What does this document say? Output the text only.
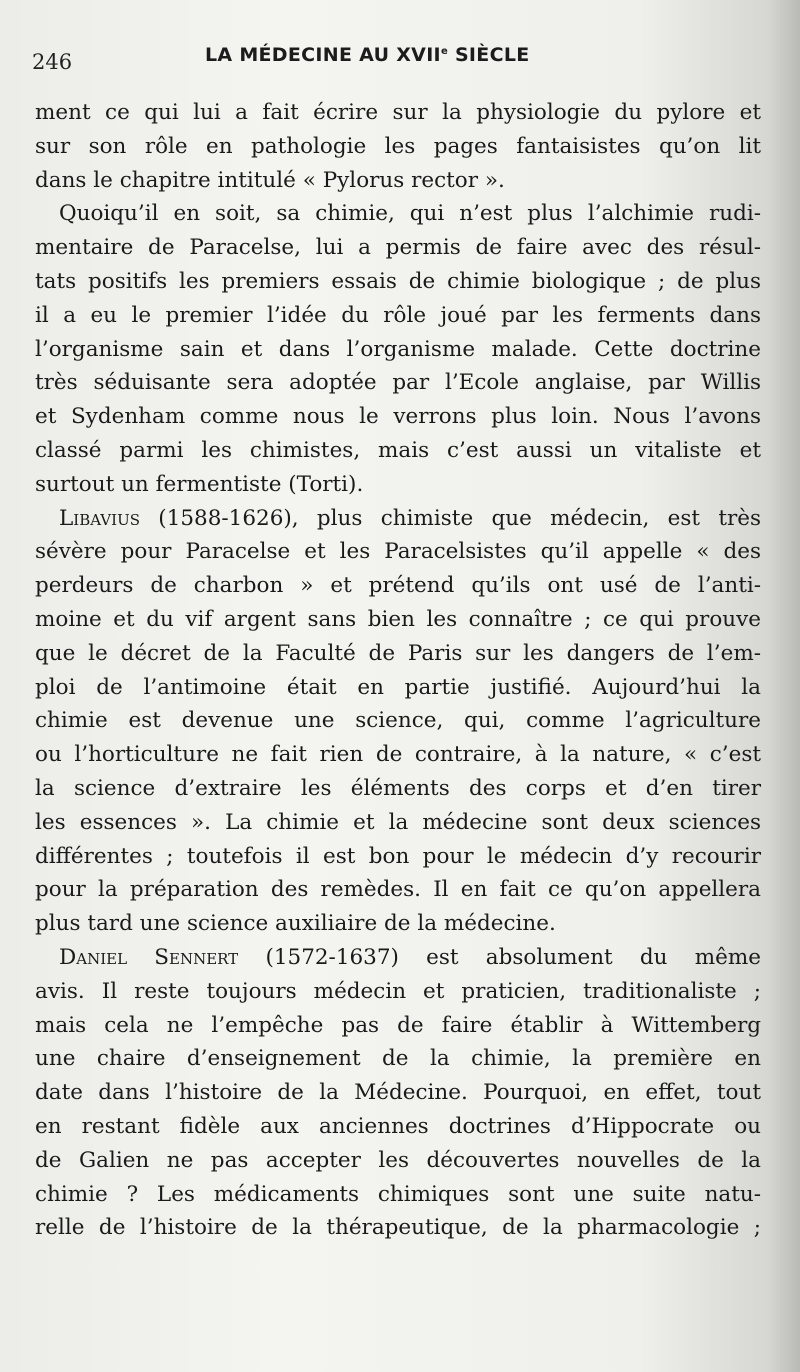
246	LA MÉDECINE AU XVIIe SIÈCLE
ment ce qui lui a fait écrire sur la physiologie du pylore et
sur son rôle en pathologie les pages fantaisistes qu’on lit
dans le chapitre intitulé « Pylorus rector ».
Quoiqu’il en soit, sa chimie, qui n’est plus l’alchimie rudi-
mentaire de Paracelse, lui a permis de faire avec des résul-
tats positifs les premiers essais de chimie biologique ; de plus
il a eu le premier l’idée du rôle joué par les ferments dans
l’organisme sain et dans l’organisme malade. Cette doctrine
très séduisante sera adoptée par l’Ecole anglaise, par Willis
et Sydenham comme nous le verrons plus loin. Nous l’avons
classé parmi les chimistes, mais c’est aussi un vitaliste et
surtout un fermentiste (Torti).
Libavius (1588-1626), plus chimiste que médecin, est très
sévère pour Paracelse et les Paracelsistes qu’il appelle « des
perdeurs de charbon » et prétend qu’ils ont usé de l’anti-
moine et du vif argent sans bien les connaître ; ce qui prouve
que le décret de la Faculté de Paris sur les dangers de l’em-
ploi de l’antimoine était en partie justifié. Aujourd’hui la
chimie est devenue une science, qui, comme l’agriculture
ou l’horticulture ne fait rien de contraire, à la nature, « c’est
la science d’extraire les éléments des corps et d’en tirer
les essences ». La chimie et la médecine sont deux sciences
différentes ; toutefois il est bon pour le médecin d’y recourir
pour la préparation des remèdes. Il en fait ce qu’on appellera
plus tard une science auxiliaire de la médecine.
Daniel Sennert (1572-1637) est absolument du même
avis. Il reste toujours médecin et praticien, traditionaliste ;
mais cela ne l’empêche pas de faire établir à Wittemberg
une chaire d’enseignement de la chimie, la première en
date dans l’histoire de la Médecine. Pourquoi, en effet, tout
en restant fidèle aux anciennes doctrines d’Hippocrate ou
de Galien ne pas accepter les découvertes nouvelles de la
chimie ? Les médicaments chimiques sont une suite natu-
relle de l’histoire de la thérapeutique, de la pharmacologie ;
